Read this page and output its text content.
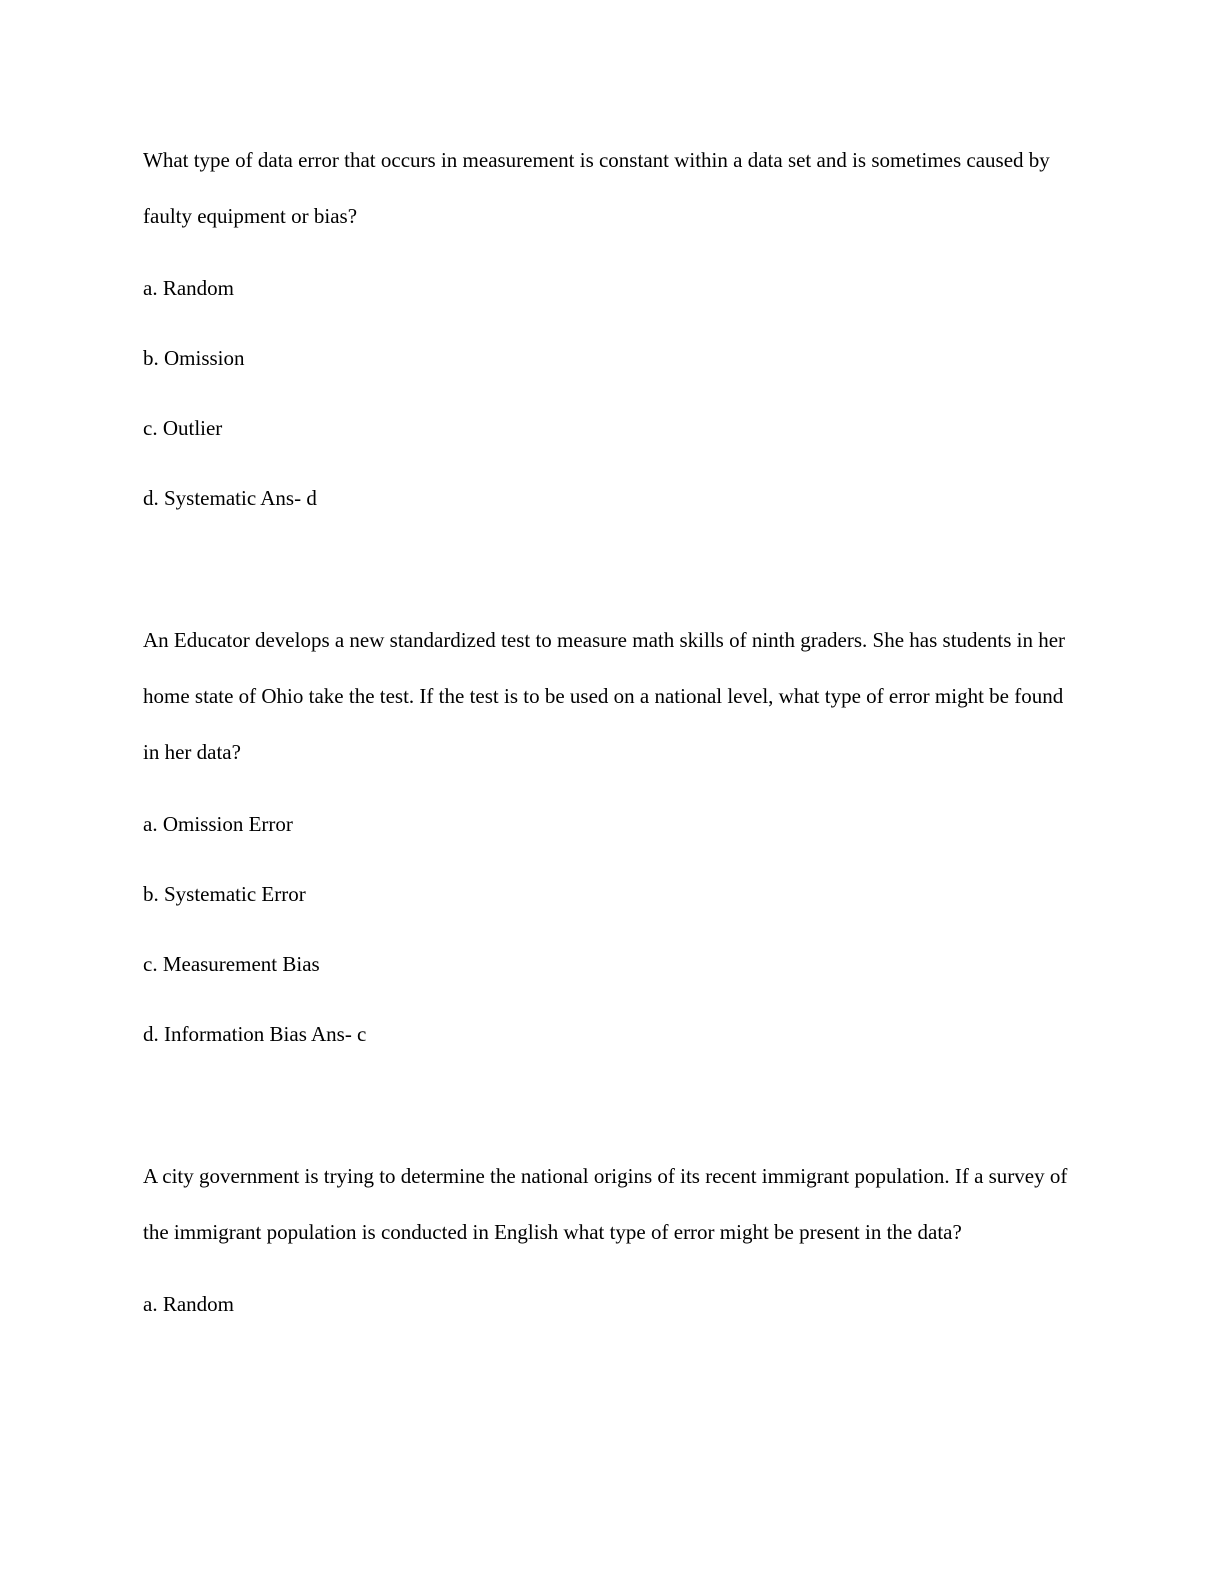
What type of data error that occurs in measurement is constant within a data set and is sometimes caused by faulty equipment or bias?

a. Random

b. Omission

c. Outlier

d. Systematic Ans- d

An Educator develops a new standardized test to measure math skills of ninth graders. She has students in her home state of Ohio take the test. If the test is to be used on a national level, what type of error might be found in her data?

a. Omission Error

b. Systematic Error

c. Measurement Bias

d. Information Bias Ans- c

A city government is trying to determine the national origins of its recent immigrant population. If a survey of the immigrant population is conducted in English what type of error might be present in the data?

a. Random
